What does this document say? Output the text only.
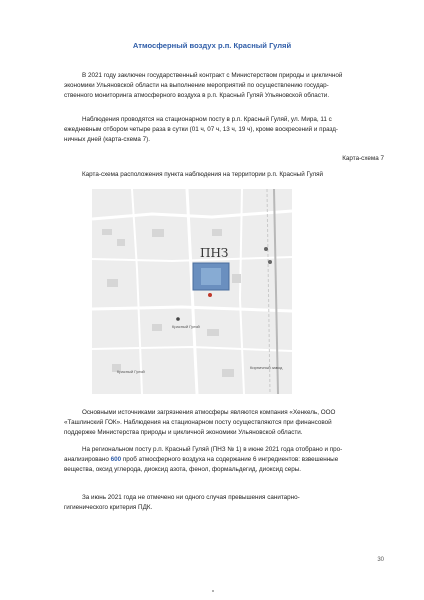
Атмосферный воздух р.п. Красный Гуляй

В 2021 году заключен государственный контракт с Министерством природы и цикличной

экономики Ульяновской области на выполнение мероприятий по осуществлению государ-

ственного мониторинга атмосферного воздуха в р.п. Красный Гуляй Ульяновской области.

Наблюдения проводятся на стационарном посту в р.п. Красный Гуляй, ул. Мира, 11 с

ежедневным отбором четыре раза в сутки (01 ч, 07 ч, 13 ч, 19 ч), кроме воскресений и празд-

ничных дней (карта-схема 7).

Карта-схема 7
Карта-схема расположения пункта наблюдения на территории р.п. Красный Гуляй
ПНЗ
Красный Гуляй
Красный Гуляй
Кирпичный завод

Основными источниками загрязнения атмосферы являются компания «Хенкель, ООО

«Ташлинский ГОК». Наблюдения на стационарном посту осуществляются при финансовой

поддержке Министерства природы и цикличной экономики Ульяновской области.

На региональном посту р.п. Красный Гуляй (ПНЗ № 1) в июне 2021 года отобрано и про-

анализировано 600 проб атмосферного воздуха на содержание 6 ингредиентов: взвешенные

вещества, оксид углерода, диоксид азота, фенол, формальдегид, диоксид серы.

За июнь 2021 года не отмечено ни одного случая превышения санитарно-

гигиенического критерия ПДК.

30
